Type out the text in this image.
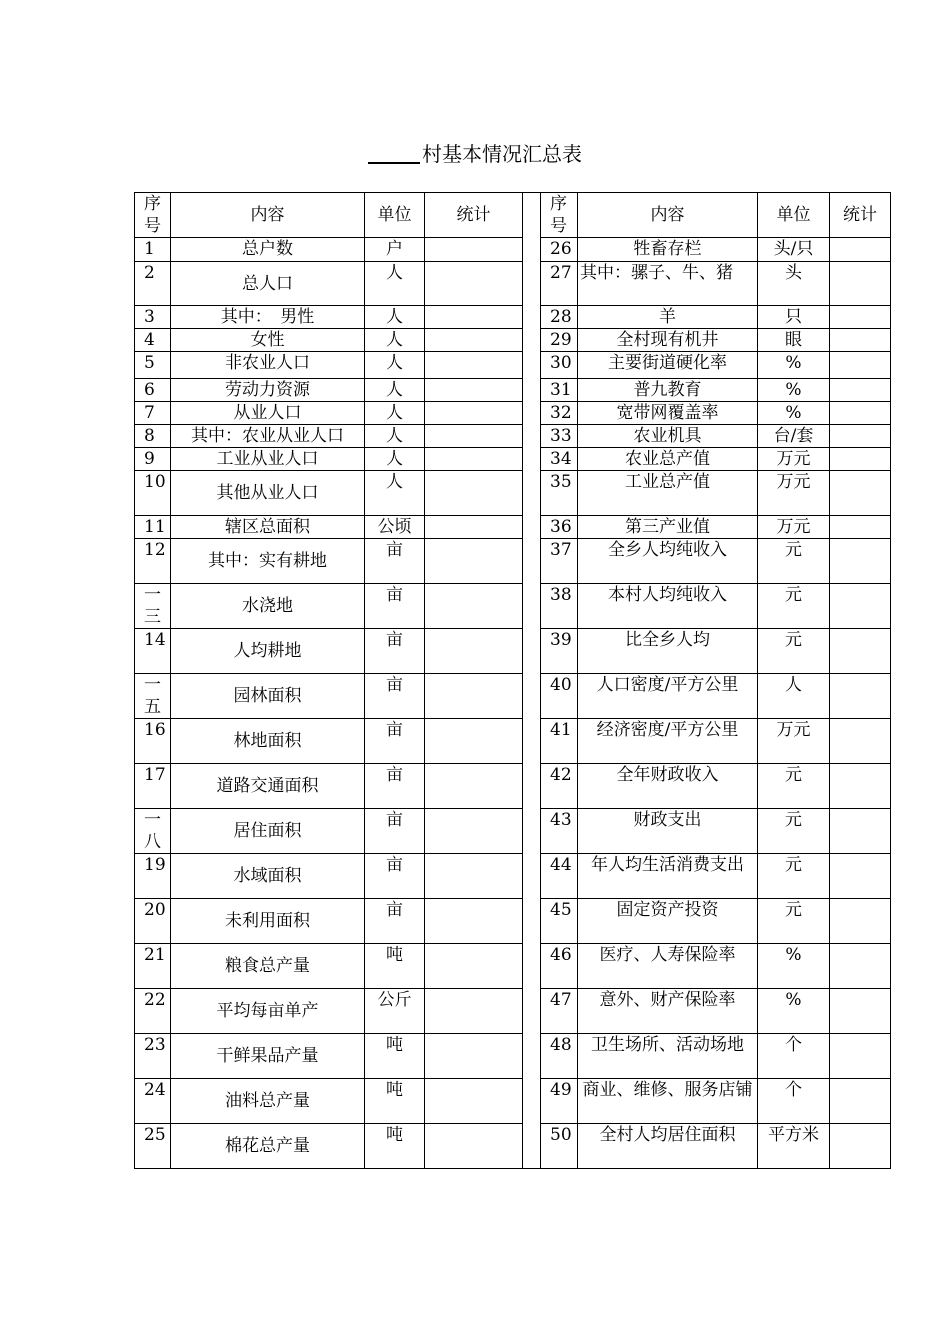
村基本情况汇总表
序号	内容	单位	统计		序号	内容	单位	统计
1	总户数	户			26	牲畜存栏	头/只	
2	总人口	人			27	其中：骡子、牛、猪	头	
3	其中：　男性	人			28	羊	只	
4	女性	人			29	全村现有机井	眼	
5	非农业人口	人			30	主要街道硬化率	%	
6	劳动力资源	人			31	普九教育	%	
7	从业人口	人			32	宽带网覆盖率	%	
8	其中：农业从业人口	人			33	农业机具	台/套	
9	工业从业人口	人			34	农业总产值	万元	
10	其他从业人口	人			35	工业总产值	万元	
11	辖区总面积	公顷			36	第三产业值	万元	
12	其中：实有耕地	亩			37	全乡人均纯收入	元	
一三	水浇地	亩			38	本村人均纯收入	元	
14	人均耕地	亩			39	比全乡人均	元	
一五	园林面积	亩			40	人口密度/平方公里	人	
16	林地面积	亩			41	经济密度/平方公里	万元	
17	道路交通面积	亩			42	全年财政收入	元	
一八	居住面积	亩			43	财政支出	元	
19	水域面积	亩			44	年人均生活消费支出	元	
20	未利用面积	亩			45	固定资产投资	元	
21	粮食总产量	吨			46	医疗、人寿保险率	%	
22	平均每亩单产	公斤			47	意外、财产保险率	%	
23	干鲜果品产量	吨			48	卫生场所、活动场地	个	
24	油料总产量	吨			49	商业、维修、服务店铺	个	
25	棉花总产量	吨			50	全村人均居住面积	平方米	
